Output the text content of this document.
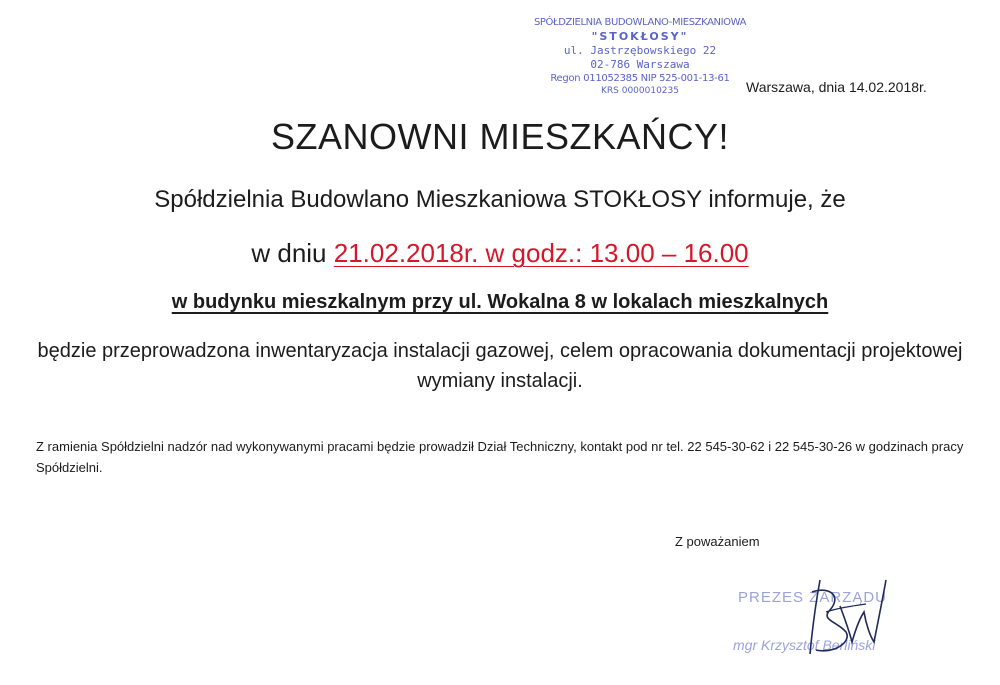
SPÓŁDZIELNIA BUDOWLANO-MIESZKANIOWA
"STOKŁOSY"
ul. Jastrzębowskiego 22
02-786 Warszawa
Regon 011052385 NIP 525-001-13-61
KRS 0000010235	Warszawa, dnia 14.02.2018r.
SZANOWNI MIESZKAŃCY!
Spółdzielnia Budowlano Mieszkaniowa STOKŁOSY informuje, że
w dniu 21.02.2018r. w godz.: 13.00 – 16.00
w budynku mieszkalnym przy ul. Wokalna 8 w lokalach mieszkalnych
będzie przeprowadzona inwentaryzacja instalacji gazowej, celem opracowania dokumentacji projektowej wymiany instalacji.
Z ramienia Spółdzielni nadzór nad wykonywanymi pracami będzie prowadził Dział Techniczny, kontakt pod nr tel. 22 545-30-62 i 22 545-30-26 w godzinach pracy Spółdzielni.
Z poważaniem
PREZES ZARZĄDU
mgr Krzysztof Berliński
